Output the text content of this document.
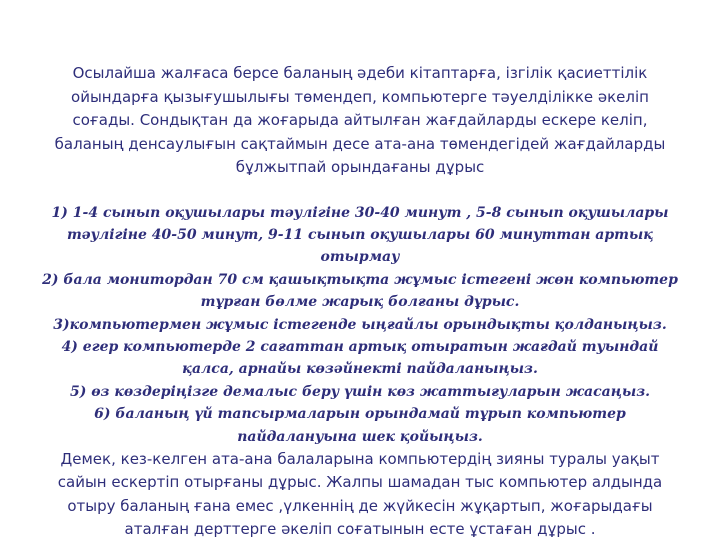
Осылайша жалғаса берсе баланың әдеби кітаптарға, ізгілік қасиеттілік ойындарға қызығушылығы төмендеп, компьютерге тәуелділікке әкеліп соғады. Сондықтан да жоғарыда айтылған жағдайларды ескере келіп, баланың денсаулығын сақтаймын десе ата-ана төмендегідей жағдайларды бұлжытпай орындағаны дұрыс

1) 1-4 сынып оқушылары тәулігіне 30-40 минут , 5-8 сынып оқушылары тәулігіне 40-50 минут, 9-11 сынып оқушылары 60 минуттан артық отырмау

2) бала монитордан 70 см қашықтықта жұмыс істегені жөн компьютер тұрған бөлме жарық болғаны дұрыс.

3)компьютермен жұмыс істегенде ыңғайлы орындықты қолданыңыз.

4) егер компьютерде 2 сағаттан артық отыратын жағдай туындай қалса, арнайы көзәйнекті пайдаланыңыз.

5) өз көздеріңізге демалыс беру үшін көз жаттығуларын жасаңыз.

6) баланың үй тапсырмаларын орындамай тұрып компьютер пайдалануына шек қойыңыз.

Демек, кез-келген ата-ана балаларына компьютердің зияны туралы уақыт сайын ескертіп отырғаны дұрыс. Жалпы шамадан тыс компьютер алдында отыру баланың ғана емес ,үлкеннің де жүйкесін жұқартып, жоғарыдағы аталған дерттерге әкеліп соғатынын есте ұстаған дұрыс .
